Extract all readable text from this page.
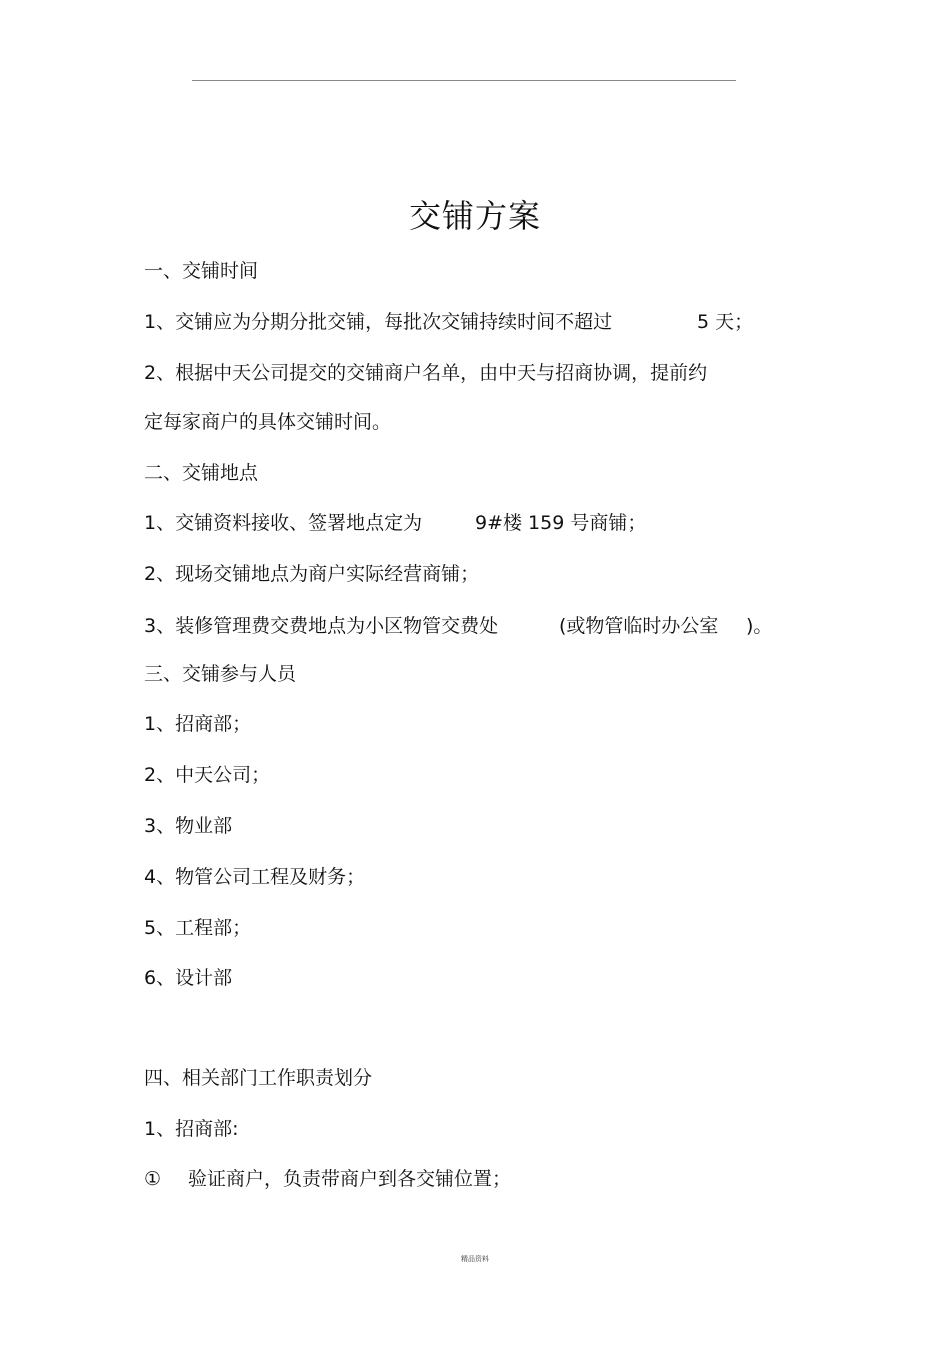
交铺方案
一、交铺时间
1、交铺应为分期分批交铺，每批次交铺持续时间不超过	5 天；
2、根据中天公司提交的交铺商户名单，由中天与招商协调，提前约
定每家商户的具体交铺时间。
二、交铺地点
1、交铺资料接收、签署地点定为	9#楼 159 号商铺；
2、现场交铺地点为商户实际经营商铺；
3、装修管理费交费地点为小区物管交费处	(或物管临时办公室 )。
三、交铺参与人员
1、招商部；
2、中天公司；
3、物业部
4、物管公司工程及财务；
5、工程部；
6、设计部
四、相关部门工作职责划分
1、招商部:
① 验证商户，负责带商户到各交铺位置；
精品资料
